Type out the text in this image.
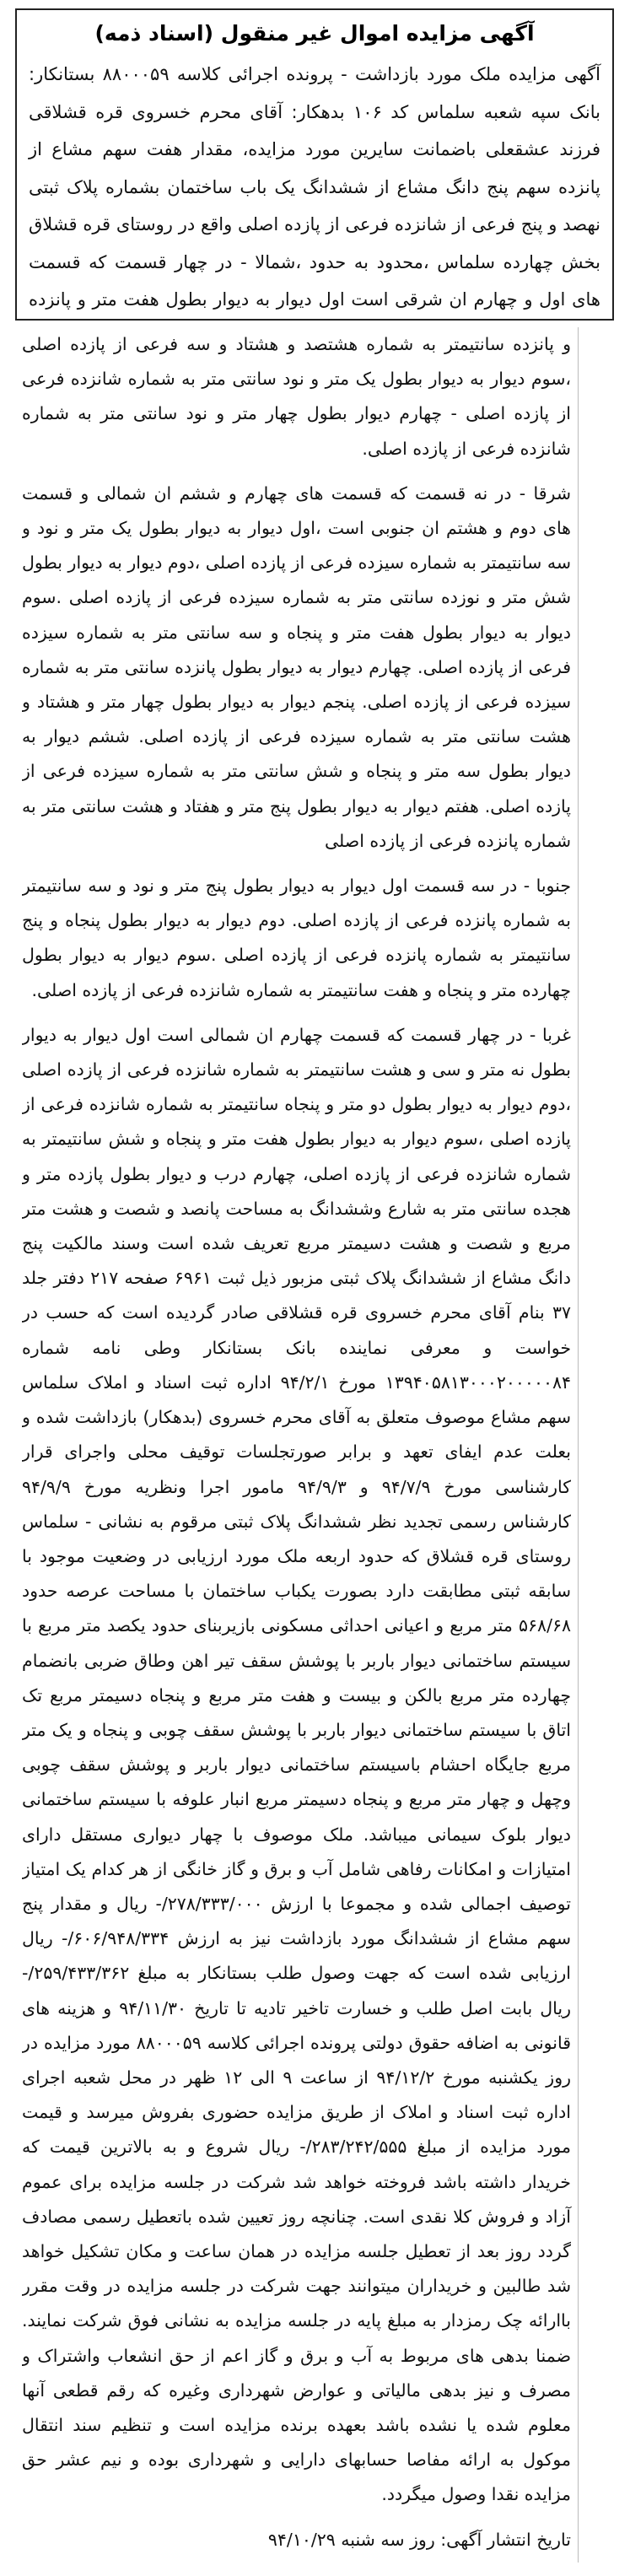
آگهی مزایده اموال غیر منقول (اسناد ذمه)

آگهی مزایده ملک مورد بازداشت - پرونده اجرائی کلاسه ۸۸۰۰۰۵۹ بستانکار: بانک سپه شعبه سلماس کد ۱۰۶ بدهکار: آقای محرم خسروی قره قشلاقی فرزند عشقعلی باضمانت سایرین مورد مزایده، مقدار هفت سهم مشاع از پانزده سهم پنج دانگ مشاع از ششدانگ یک باب ساختمان بشماره پلاک ثبتی نهصد و پنج فرعی از شانزده فرعی از پازده اصلی واقع در روستای قره قشلاق بخش چهارده سلماس ،محدود به حدود ،شمالا - در چهار قسمت که قسمت های اول و چهارم ان شرقی است اول دیوار به دیوار بطول هفت متر و پانزده

و پانزده سانتیمتر به شماره هشتصد و هشتاد و سه فرعی از پازده اصلی ،سوم دیوار به دیوار بطول یک متر و نود سانتی متر به شماره شانزده فرعی از پازده اصلی - چهارم دیوار بطول چهار متر و نود سانتی متر به شماره شانزده فرعی از پازده اصلی.

شرقا - در نه قسمت که قسمت های چهارم و ششم ان شمالی و قسمت های دوم و هشتم ان جنوبی است ،اول دیوار به دیوار بطول یک متر و نود و سه سانتیمتر به شماره سیزده فرعی از پازده اصلی ،دوم دیوار به دیوار بطول شش متر و نوزده سانتی متر به شماره سیزده فرعی از پازده اصلی .سوم دیوار به دیوار بطول هفت متر و پنجاه و سه سانتی متر به شماره سیزده فرعی از پازده اصلی. چهارم دیوار به دیوار بطول پانزده سانتی متر به شماره سیزده فرعی از پازده اصلی. پنجم دیوار به دیوار بطول چهار متر و هشتاد و هشت سانتی متر به شماره سیزده فرعی از پازده اصلی. ششم دیوار به دیوار بطول سه متر و پنجاه و شش سانتی متر به شماره سیزده فرعی از پازده اصلی. هفتم دیوار به دیوار بطول پنج متر و هفتاد و هشت سانتی متر به شماره پانزده فرعی از پازده اصلی

جنوبا - در سه قسمت اول دیوار به دیوار بطول پنج متر و نود و سه سانتیمتر به شماره پانزده فرعی از پازده اصلی. دوم دیوار به دیوار بطول پنجاه و پنج سانتیمتر به شماره پانزده فرعی از پازده اصلی .سوم دیوار به دیوار بطول چهارده متر و پنجاه و هفت سانتیمتر به شماره شانزده فرعی از پازده اصلی.

غربا - در چهار قسمت که قسمت چهارم ان شمالی است اول دیوار به دیوار بطول نه متر و سی و هشت سانتیمتر به شماره شانزده فرعی از پازده اصلی ،دوم دیوار به دیوار بطول دو متر و پنجاه سانتیمتر به شماره شانزده فرعی از پازده اصلی ،سوم دیوار به دیوار بطول هفت متر و پنجاه و شش سانتیمتر به شماره شانزده فرعی از پازده اصلی، چهارم درب و دیوار بطول پازده متر و هجده سانتی متر به شارع وششدانگ به مساحت پانصد و شصت و هشت متر مربع و شصت و هشت دسیمتر مربع تعریف شده است وسند مالکیت پنج دانگ مشاع از ششدانگ پلاک ثبتی مزبور ذیل ثبت ۶۹۶۱ صفحه ۲۱۷ دفتر جلد ۳۷ بنام آقای محرم خسروی قره قشلاقی صادر گردیده است که حسب در خواست و معرفی نماینده بانک بستانکار وطی نامه شماره ۱۳۹۴۰۵۸۱۳۰۰۰۲۰۰۰۰۰۸۴ مورخ ۹۴/۲/۱ اداره ثبت اسناد و املاک سلماس سهم مشاع موصوف متعلق به آقای محرم خسروی (بدهکار) بازداشت شده و بعلت عدم ایفای تعهد و برابر صورتجلسات توقیف محلی واجرای قرار کارشناسی مورخ ۹۴/۷/۹ و ۹۴/۹/۳ مامور اجرا ونظریه مورخ ۹۴/۹/۹ کارشناس رسمی تجدید نظر ششدانگ پلاک ثبتی مرقوم به نشانی - سلماس روستای قره قشلاق که حدود اربعه ملک مورد ارزیابی در وضعیت موجود با سابقه ثبتی مطابقت دارد بصورت یکباب ساختمان با مساحت عرصه حدود ۵۶۸/۶۸ متر مربع و اعیانی احداثی مسکونی بازیربنای حدود یکصد متر مربع با سیستم ساختمانی دیوار باربر با پوشش سقف تیر اهن وطاق ضربی بانضمام چهارده متر مربع بالکن و بیست و هفت متر مربع و پنجاه دسیمتر مربع تک اتاق با سیستم ساختمانی دیوار باربر با پوشش سقف چوبی و پنجاه و یک متر مربع جایگاه احشام باسیستم ساختمانی دیوار باربر و پوشش سقف چوبی وچهل و چهار متر مربع و پنجاه دسیمتر مربع انبار علوفه با سیستم ساختمانی دیوار بلوک سیمانی میباشد. ملک موصوف با چهار دیواری مستقل دارای امتیازات و امکانات رفاهی شامل آب و برق و گاز خانگی از هر کدام یک امتیاز توصیف اجمالی شده و مجموعا با ارزش ۲۷۸/۳۳۳/۰۰۰/- ریال و مقدار پنج سهم مشاع از ششدانگ مورد بازداشت نیز به ارزش ۶۰۶/۹۴۸/۳۳۴/- ریال ارزیابی شده است که جهت وصول طلب بستانکار به مبلغ ۲۵۹/۴۳۳/۳۶۲/- ریال بابت اصل طلب و خسارت تاخیر تادیه تا تاریخ ۹۴/۱۱/۳۰ و هزینه های قانونی به اضافه حقوق دولتی پرونده اجرائی کلاسه ۸۸۰۰۰۵۹ مورد مزایده در روز یکشنبه مورخ ۹۴/۱۲/۲ از ساعت ۹ الی ۱۲ ظهر در محل شعبه اجرای اداره ثبت اسناد و املاک از طریق مزایده حضوری بفروش میرسد و قیمت مورد مزایده از مبلغ ۲۸۳/۲۴۲/۵۵۵/- ریال شروع و به بالاترین قیمت که خریدار داشته باشد فروخته خواهد شد شرکت در جلسه مزایده برای عموم آزاد و فروش کلا نقدی است. چنانچه روز تعیین شده باتعطیل رسمی مصادف گردد روز بعد از تعطیل جلسه مزایده در همان ساعت و مکان تشکیل خواهد شد طالبین و خریداران میتوانند جهت شرکت در جلسه مزایده در وقت مقرر باارائه چک رمزدار به مبلغ پایه در جلسه مزایده به نشانی فوق شرکت نمایند. ضمنا بدهی های مربوط به آب و برق و گاز اعم از حق انشعاب واشتراک و مصرف و نیز بدهی مالیاتی و عوارض شهرداری وغیره که رقم قطعی آنها معلوم شده یا نشده باشد بعهده برنده مزایده است و تنظیم سند انتقال موکول به ارائه مفاصا حسابهای دارایی و شهرداری بوده و نیم عشر حق مزایده نقدا وصول میگردد.

تاریخ انتشار آگهی: روز سه شنبه ۹۴/۱۰/۲۹
